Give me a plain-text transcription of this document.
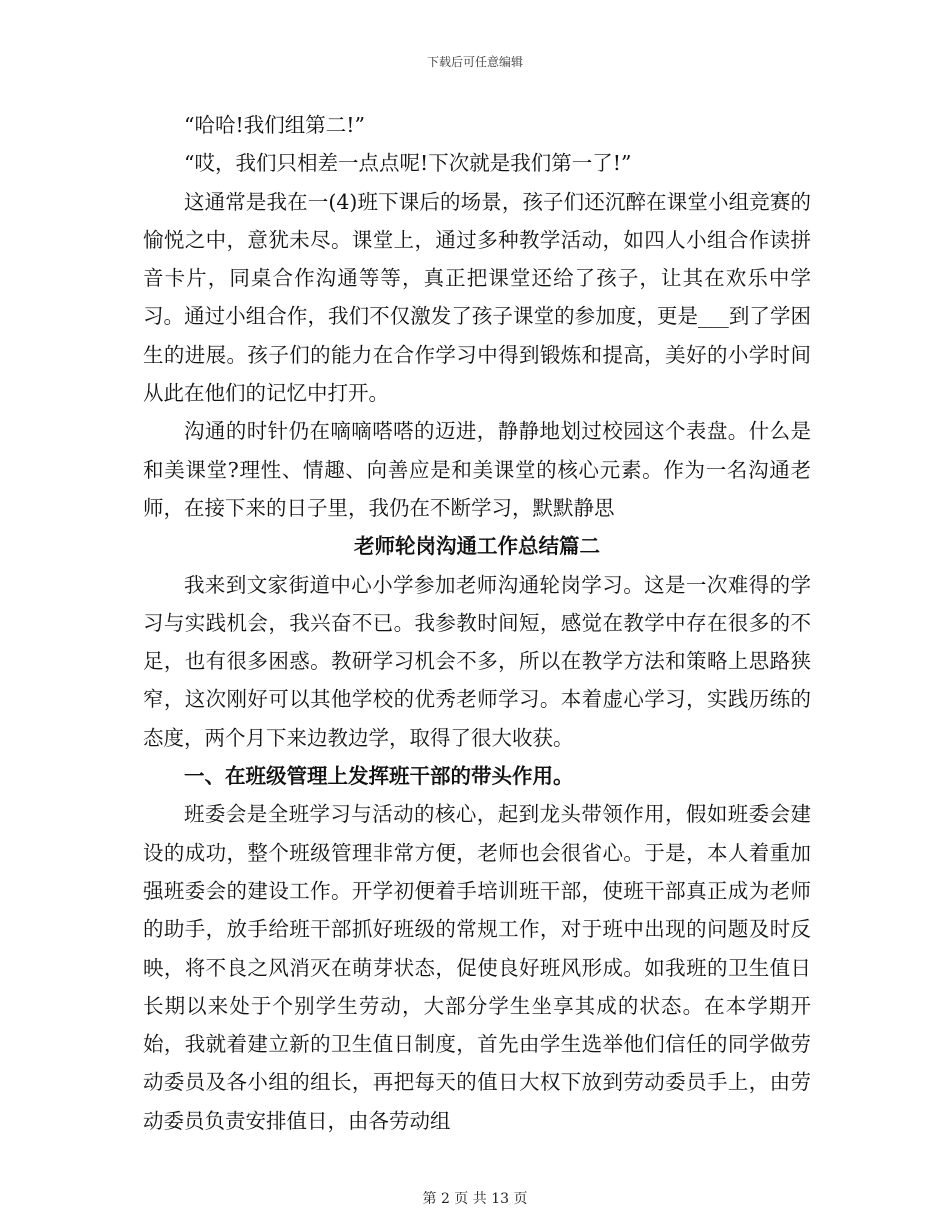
下载后可任意编辑

“哈哈!我们组第二!”

“哎，我们只相差一点点呢!下次就是我们第一了!”

这通常是我在一(4)班下课后的场景，孩子们还沉醉在课堂小组竞赛的愉悦之中，意犹未尽。课堂上，通过多种教学活动，如四人小组合作读拼音卡片，同桌合作沟通等等，真正把课堂还给了孩子，让其在欢乐中学习。通过小组合作，我们不仅激发了孩子课堂的参加度，更是___到了学困生的进展。孩子们的能力在合作学习中得到锻炼和提高，美好的小学时间从此在他们的记忆中打开。

沟通的时针仍在嘀嘀嗒嗒的迈进，静静地划过校园这个表盘。什么是和美课堂?理性、情趣、向善应是和美课堂的核心元素。作为一名沟通老师，在接下来的日子里，我仍在不断学习，默默静思

老师轮岗沟通工作总结篇二

我来到文家街道中心小学参加老师沟通轮岗学习。这是一次难得的学习与实践机会，我兴奋不已。我参教时间短，感觉在教学中存在很多的不足，也有很多困惑。教研学习机会不多，所以在教学方法和策略上思路狭窄，这次刚好可以其他学校的优秀老师学习。本着虚心学习，实践历练的态度，两个月下来边教边学，取得了很大收获。

一、在班级管理上发挥班干部的带头作用。

班委会是全班学习与活动的核心，起到龙头带领作用，假如班委会建设的成功，整个班级管理非常方便，老师也会很省心。于是，本人着重加强班委会的建设工作。开学初便着手培训班干部，使班干部真正成为老师的助手，放手给班干部抓好班级的常规工作，对于班中出现的问题及时反映，将不良之风消灭在萌芽状态，促使良好班风形成。如我班的卫生值日长期以来处于个别学生劳动，大部分学生坐享其成的状态。在本学期开始，我就着建立新的卫生值日制度，首先由学生选举他们信任的同学做劳动委员及各小组的组长，再把每天的值日大权下放到劳动委员手上，由劳动委员负责安排值日，由各劳动组

第 2 页 共 13 页
